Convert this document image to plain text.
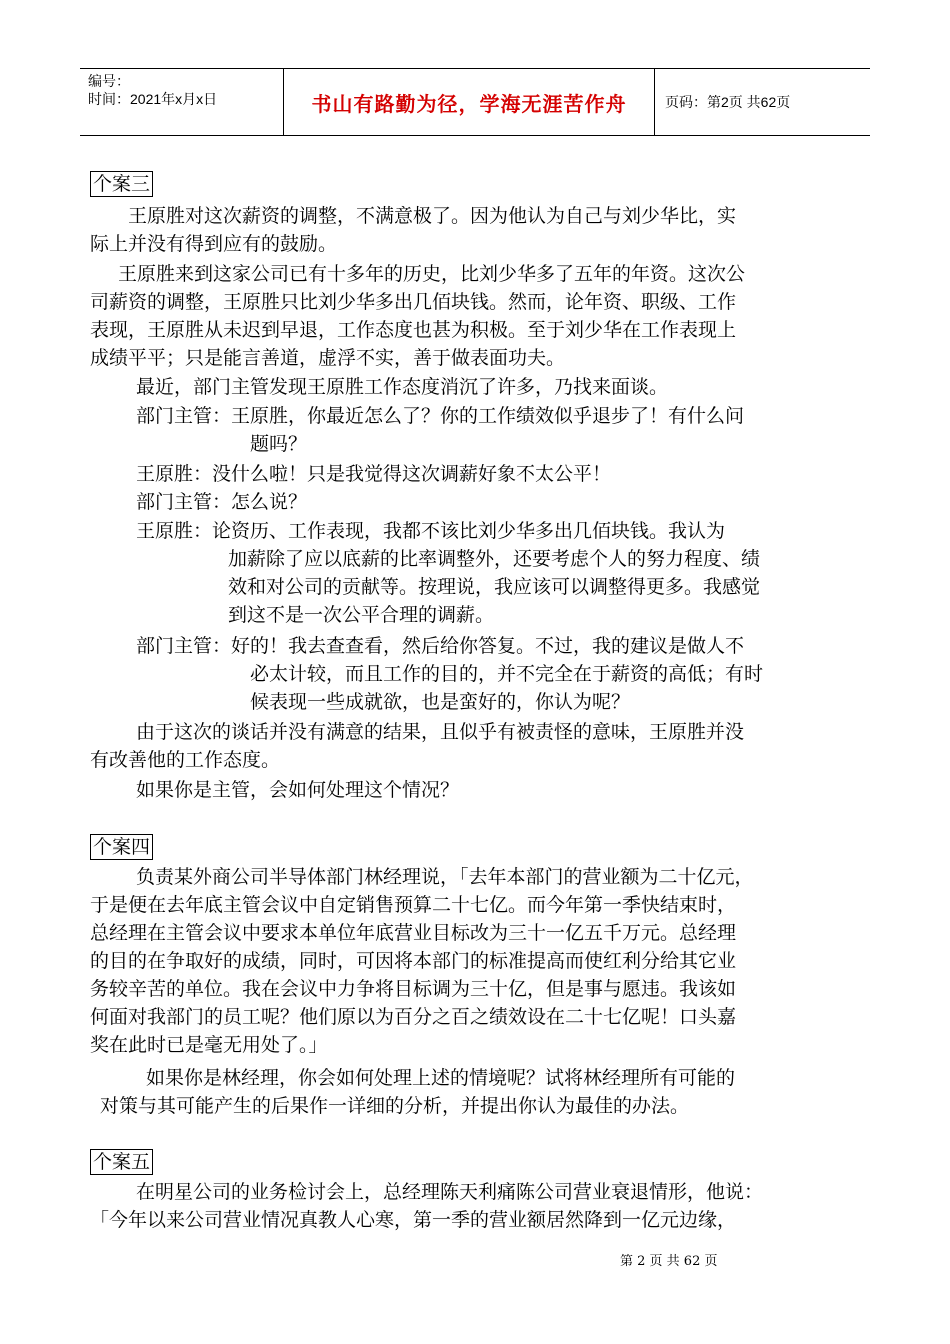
编号：
时间：2021年x月x日	书山有路勤为径，学海无涯苦作舟	页码：第2页 共62页
个案三
王原胜对这次薪资的调整，不满意极了。因为他认为自己与刘少华比，实
际上并没有得到应有的鼓励。
王原胜来到这家公司已有十多年的历史，比刘少华多了五年的年资。这次公
司薪资的调整，王原胜只比刘少华多出几佰块钱。然而，论年资、职级、工作
表现，王原胜从未迟到早退，工作态度也甚为积极。至于刘少华在工作表现上
成绩平平；只是能言善道，虚浮不实，善于做表面功夫。
最近，部门主管发现王原胜工作态度消沉了许多，乃找来面谈。
部门主管：王原胜，你最近怎么了？你的工作绩效似乎退步了！有什么问
题吗？
王原胜：没什么啦！只是我觉得这次调薪好象不太公平！
部门主管：怎么说？
王原胜：论资历、工作表现，我都不该比刘少华多出几佰块钱。我认为
加薪除了应以底薪的比率调整外，还要考虑个人的努力程度、绩
效和对公司的贡献等。按理说，我应该可以调整得更多。我感觉
到这不是一次公平合理的调薪。
部门主管：好的！我去查查看，然后给你答复。不过，我的建议是做人不
必太计较，而且工作的目的，并不完全在于薪资的高低；有时
候表现一些成就欲，也是蛮好的，你认为呢？
由于这次的谈话并没有满意的结果，且似乎有被责怪的意味，王原胜并没
有改善他的工作态度。
如果你是主管，会如何处理这个情况？
个案四
负责某外商公司半导体部门林经理说，「去年本部门的营业额为二十亿元，
于是便在去年底主管会议中自定销售预算二十七亿。而今年第一季快结束时，
总经理在主管会议中要求本单位年底营业目标改为三十一亿五千万元。总经理
的目的在争取好的成绩，同时，可因将本部门的标准提高而使红利分给其它业
务较辛苦的单位。我在会议中力争将目标调为三十亿，但是事与愿违。我该如
何面对我部门的员工呢？他们原以为百分之百之绩效设在二十七亿呢！口头嘉
奖在此时已是毫无用处了。」
如果你是林经理，你会如何处理上述的情境呢？试将林经理所有可能的
对策与其可能产生的后果作一详细的分析，并提出你认为最佳的办法。
个案五
在明星公司的业务检讨会上，总经理陈天利痛陈公司营业衰退情形，他说：
「今年以来公司营业情况真教人心寒，第一季的营业额居然降到一亿元边缘，
第 2 页 共 62 页
